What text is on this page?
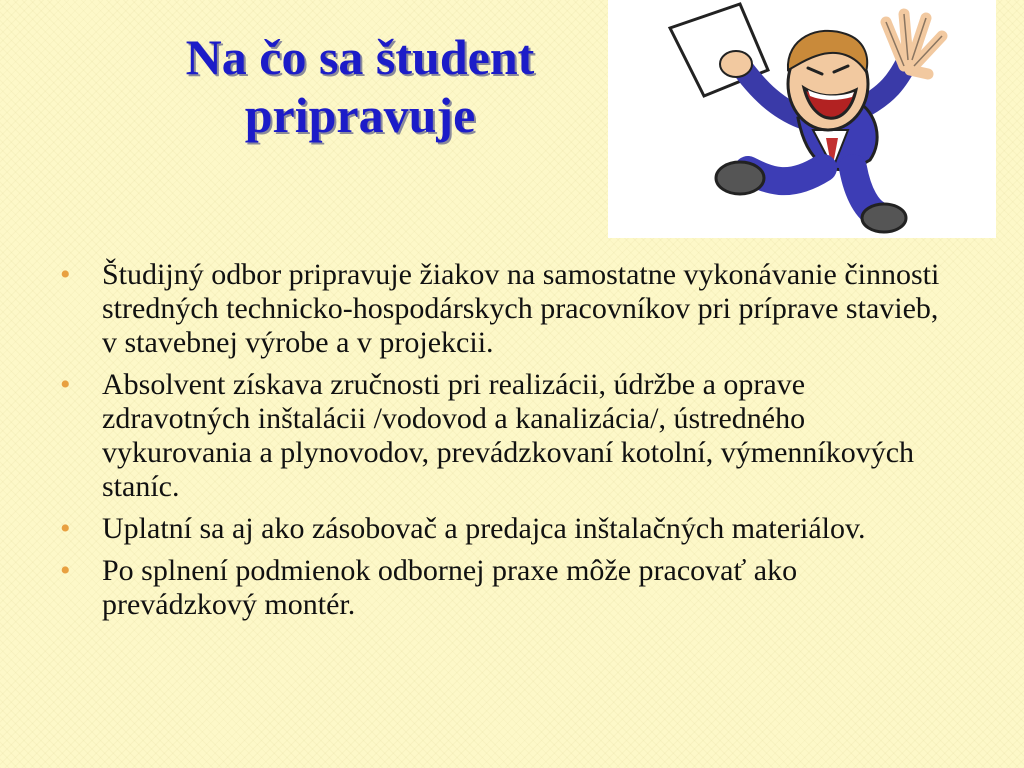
Na čo sa študent
pripravuje
• Študijný odbor pripravuje žiakov na samostatne vykonávanie činnosti stredných technicko-hospodárskych pracovníkov pri príprave stavieb, v stavebnej výrobe a v projekcii.
• Absolvent získava zručnosti pri realizácii, údržbe a oprave zdravotných inštalácii /vodovod a kanalizácia/, ústredného vykurovania a plynovodov, prevádzkovaní kotolní, výmenníkových staníc.
• Uplatní sa aj ako zásobovač a predajca inštalačných materiálov.
• Po splnení podmienok odbornej praxe môže pracovať ako prevádzkový montér.
